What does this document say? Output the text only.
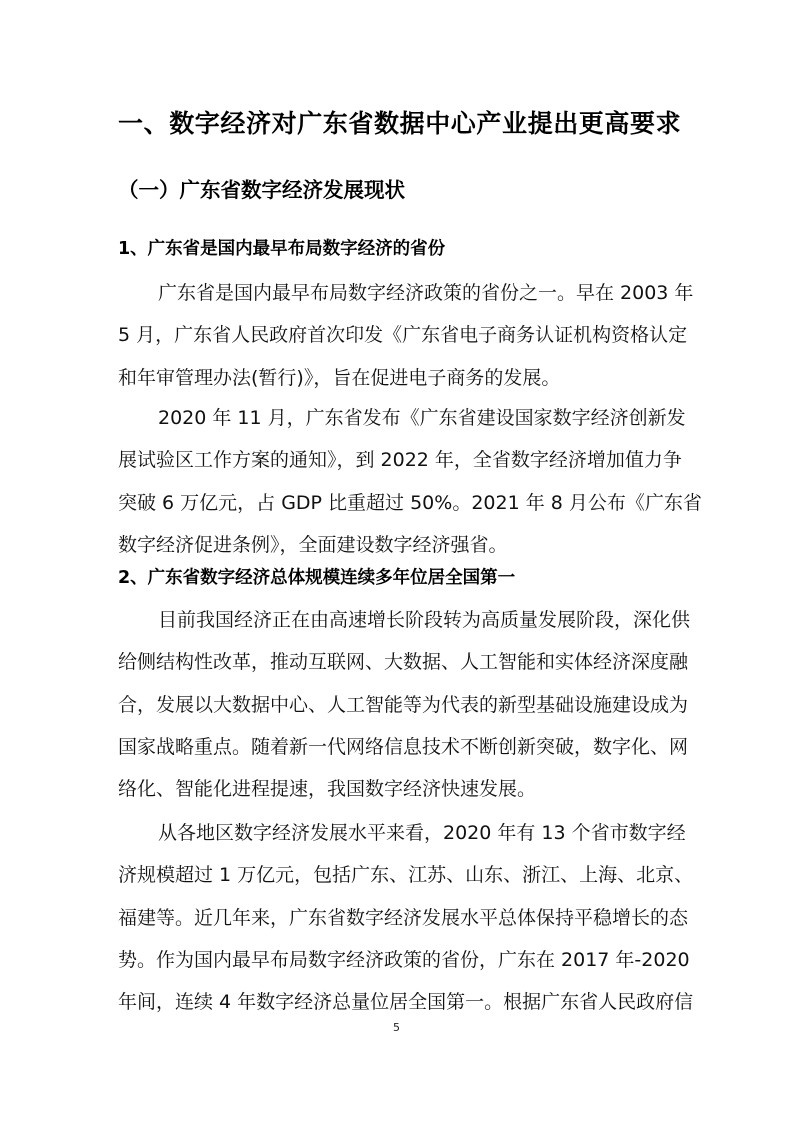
一、数字经济对广东省数据中心产业提出更高要求
（一）广东省数字经济发展现状
1、广东省是国内最早布局数字经济的省份
广东省是国内最早布局数字经济政策的省份之一。早在 2003 年
5 月，广东省人民政府首次印发《广东省电子商务认证机构资格认定
和年审管理办法(暂行)》，旨在促进电子商务的发展。
2020 年 11 月，广东省发布《广东省建设国家数字经济创新发
展试验区工作方案的通知》，到 2022 年，全省数字经济增加值力争
突破 6 万亿元，占 GDP 比重超过 50%。2021 年 8 月公布《广东省
数字经济促进条例》，全面建设数字经济强省。
2、广东省数字经济总体规模连续多年位居全国第一
目前我国经济正在由高速增长阶段转为高质量发展阶段，深化供
给侧结构性改革，推动互联网、大数据、人工智能和实体经济深度融
合，发展以大数据中心、人工智能等为代表的新型基础设施建设成为
国家战略重点。随着新一代网络信息技术不断创新突破，数字化、网
络化、智能化进程提速，我国数字经济快速发展。
从各地区数字经济发展水平来看，2020 年有 13 个省市数字经
济规模超过 1 万亿元，包括广东、江苏、山东、浙江、上海、北京、
福建等。近几年来，广东省数字经济发展水平总体保持平稳增长的态
势。作为国内最早布局数字经济政策的省份，广东在 2017 年-2020
年间，连续 4 年数字经济总量位居全国第一。根据广东省人民政府信
5
